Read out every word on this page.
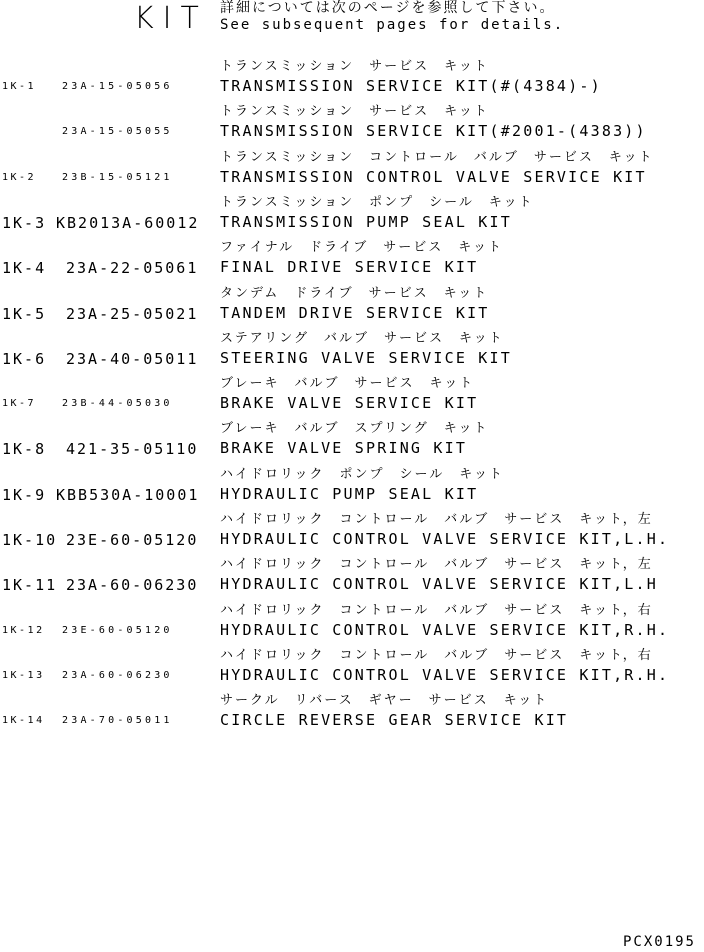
KIT 詳細については次のページを参照して下さい。
See subsequent pages for details.
トランスミッション　サービス　キット
1K-1	23A-15-05056	TRANSMISSION SERVICE KIT(#(4384)-)
トランスミッション　サービス　キット
23A-15-05055	TRANSMISSION SERVICE KIT(#2001-(4383))
トランスミッション　コントロール　バルブ　サービス　キット
1K-2	23B-15-05121	TRANSMISSION CONTROL VALVE SERVICE KIT
トランスミッション　ポンプ　シール　キット
1K-3 KB2013A-60012 TRANSMISSION PUMP SEAL KIT
ファイナル　ドライブ　サービス　キット
1K-4 23A-22-05061 FINAL DRIVE SERVICE KIT
タンデム　ドライブ　サービス　キット
1K-5 23A-25-05021 TANDEM DRIVE SERVICE KIT
ステアリング　バルブ　サービス　キット
1K-6 23A-40-05011 STEERING VALVE SERVICE KIT
ブレーキ　バルブ　サービス　キット
1K-7	23B-44-05030	BRAKE VALVE SERVICE KIT
ブレーキ　バルブ　スプリング　キット
1K-8 421-35-05110 BRAKE VALVE SPRING KIT
ハイドロリック　ポンプ　シール　キット
1K-9 KBB530A-10001 HYDRAULIC PUMP SEAL KIT
ハイドロリック　コントロール　バルブ　サービス　キット，左
1K-10 23E-60-05120 HYDRAULIC CONTROL VALVE SERVICE KIT,L.H.
ハイドロリック　コントロール　バルブ　サービス　キット，左
1K-11 23A-60-06230 HYDRAULIC CONTROL VALVE SERVICE KIT,L.H
ハイドロリック　コントロール　バルブ　サービス　キット，右
1K-12 23E-60-05120	HYDRAULIC CONTROL VALVE SERVICE KIT,R.H.
ハイドロリック　コントロール　バルブ　サービス　キット，右
1K-13 23A-60-06230	HYDRAULIC CONTROL VALVE SERVICE KIT,R.H.
サークル　リバース　ギヤー　サービス　キット
1K-14 23A-70-05011	CIRCLE REVERSE GEAR SERVICE KIT
PCX0195
